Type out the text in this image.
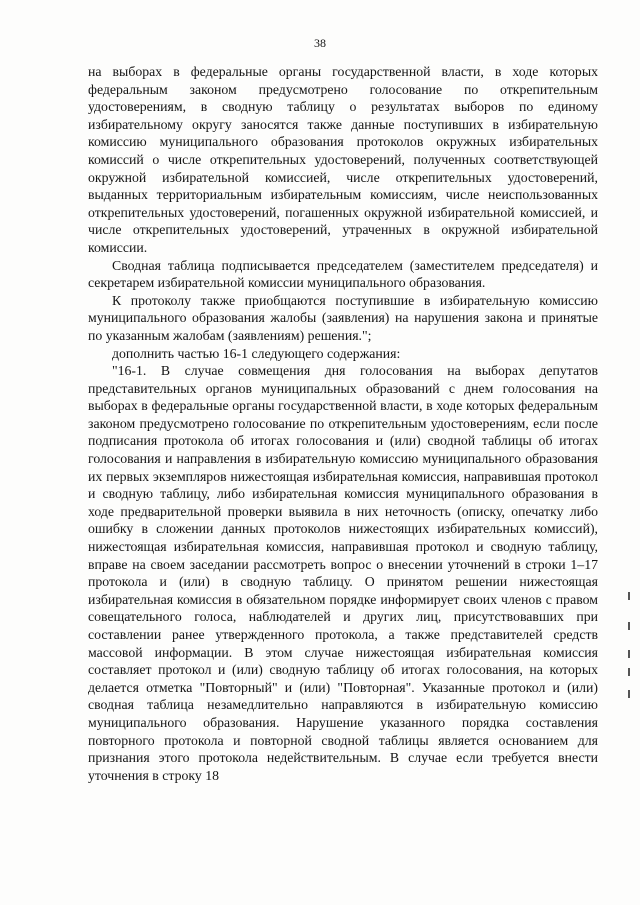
38

на выборах в федеральные органы государственной власти, в ходе которых федеральным законом предусмотрено голосование по открепительным удостоверениям, в сводную таблицу о результатах выборов по единому избирательному округу заносятся также данные поступивших в избирательную комиссию муниципального образования протоколов окружных избирательных комиссий о числе открепительных удостоверений, полученных соответствующей окружной избирательной комиссией, числе открепительных удостоверений, выданных территориальным избирательным комиссиям, числе неиспользованных открепительных удостоверений, погашенных окружной избирательной комиссией, и числе открепительных удостоверений, утраченных в окружной избирательной комиссии.

Сводная таблица подписывается председателем (заместителем председателя) и секретарем избирательной комиссии муниципального образования.

К протоколу также приобщаются поступившие в избирательную комиссию муниципального образования жалобы (заявления) на нарушения закона и принятые по указанным жалобам (заявлениям) решения.";

дополнить частью 16-1 следующего содержания:

"16-1. В случае совмещения дня голосования на выборах депутатов представительных органов муниципальных образований с днем голосования на выборах в федеральные органы государственной власти, в ходе которых федеральным законом предусмотрено голосование по открепительным удостоверениям, если после подписания протокола об итогах голосования и (или) сводной таблицы об итогах голосования и направления в избирательную комиссию муниципального образования их первых экземпляров нижестоящая избирательная комиссия, направившая протокол и сводную таблицу, либо избирательная комиссия муниципального образования в ходе предварительной проверки выявила в них неточность (описку, опечатку либо ошибку в сложении данных протоколов нижестоящих избирательных комиссий), нижестоящая избирательная комиссия, направившая протокол и сводную таблицу, вправе на своем заседании рассмотреть вопрос о внесении уточнений в строки 1–17 протокола и (или) в сводную таблицу. О принятом решении нижестоящая избирательная комиссия в обязательном порядке информирует своих членов с правом совещательного голоса, наблюдателей и других лиц, присутствовавших при составлении ранее утвержденного протокола, а также представителей средств массовой информации. В этом случае нижестоящая избирательная комиссия составляет протокол и (или) сводную таблицу об итогах голосования, на которых делается отметка "Повторный" и (или) "Повторная". Указанные протокол и (или) сводная таблица незамедлительно направляются в избирательную комиссию муниципального образования. Нарушение указанного порядка составления повторного протокола и повторной сводной таблицы является основанием для признания этого протокола недействительным. В случае если требуется внести уточнения в строку 18
